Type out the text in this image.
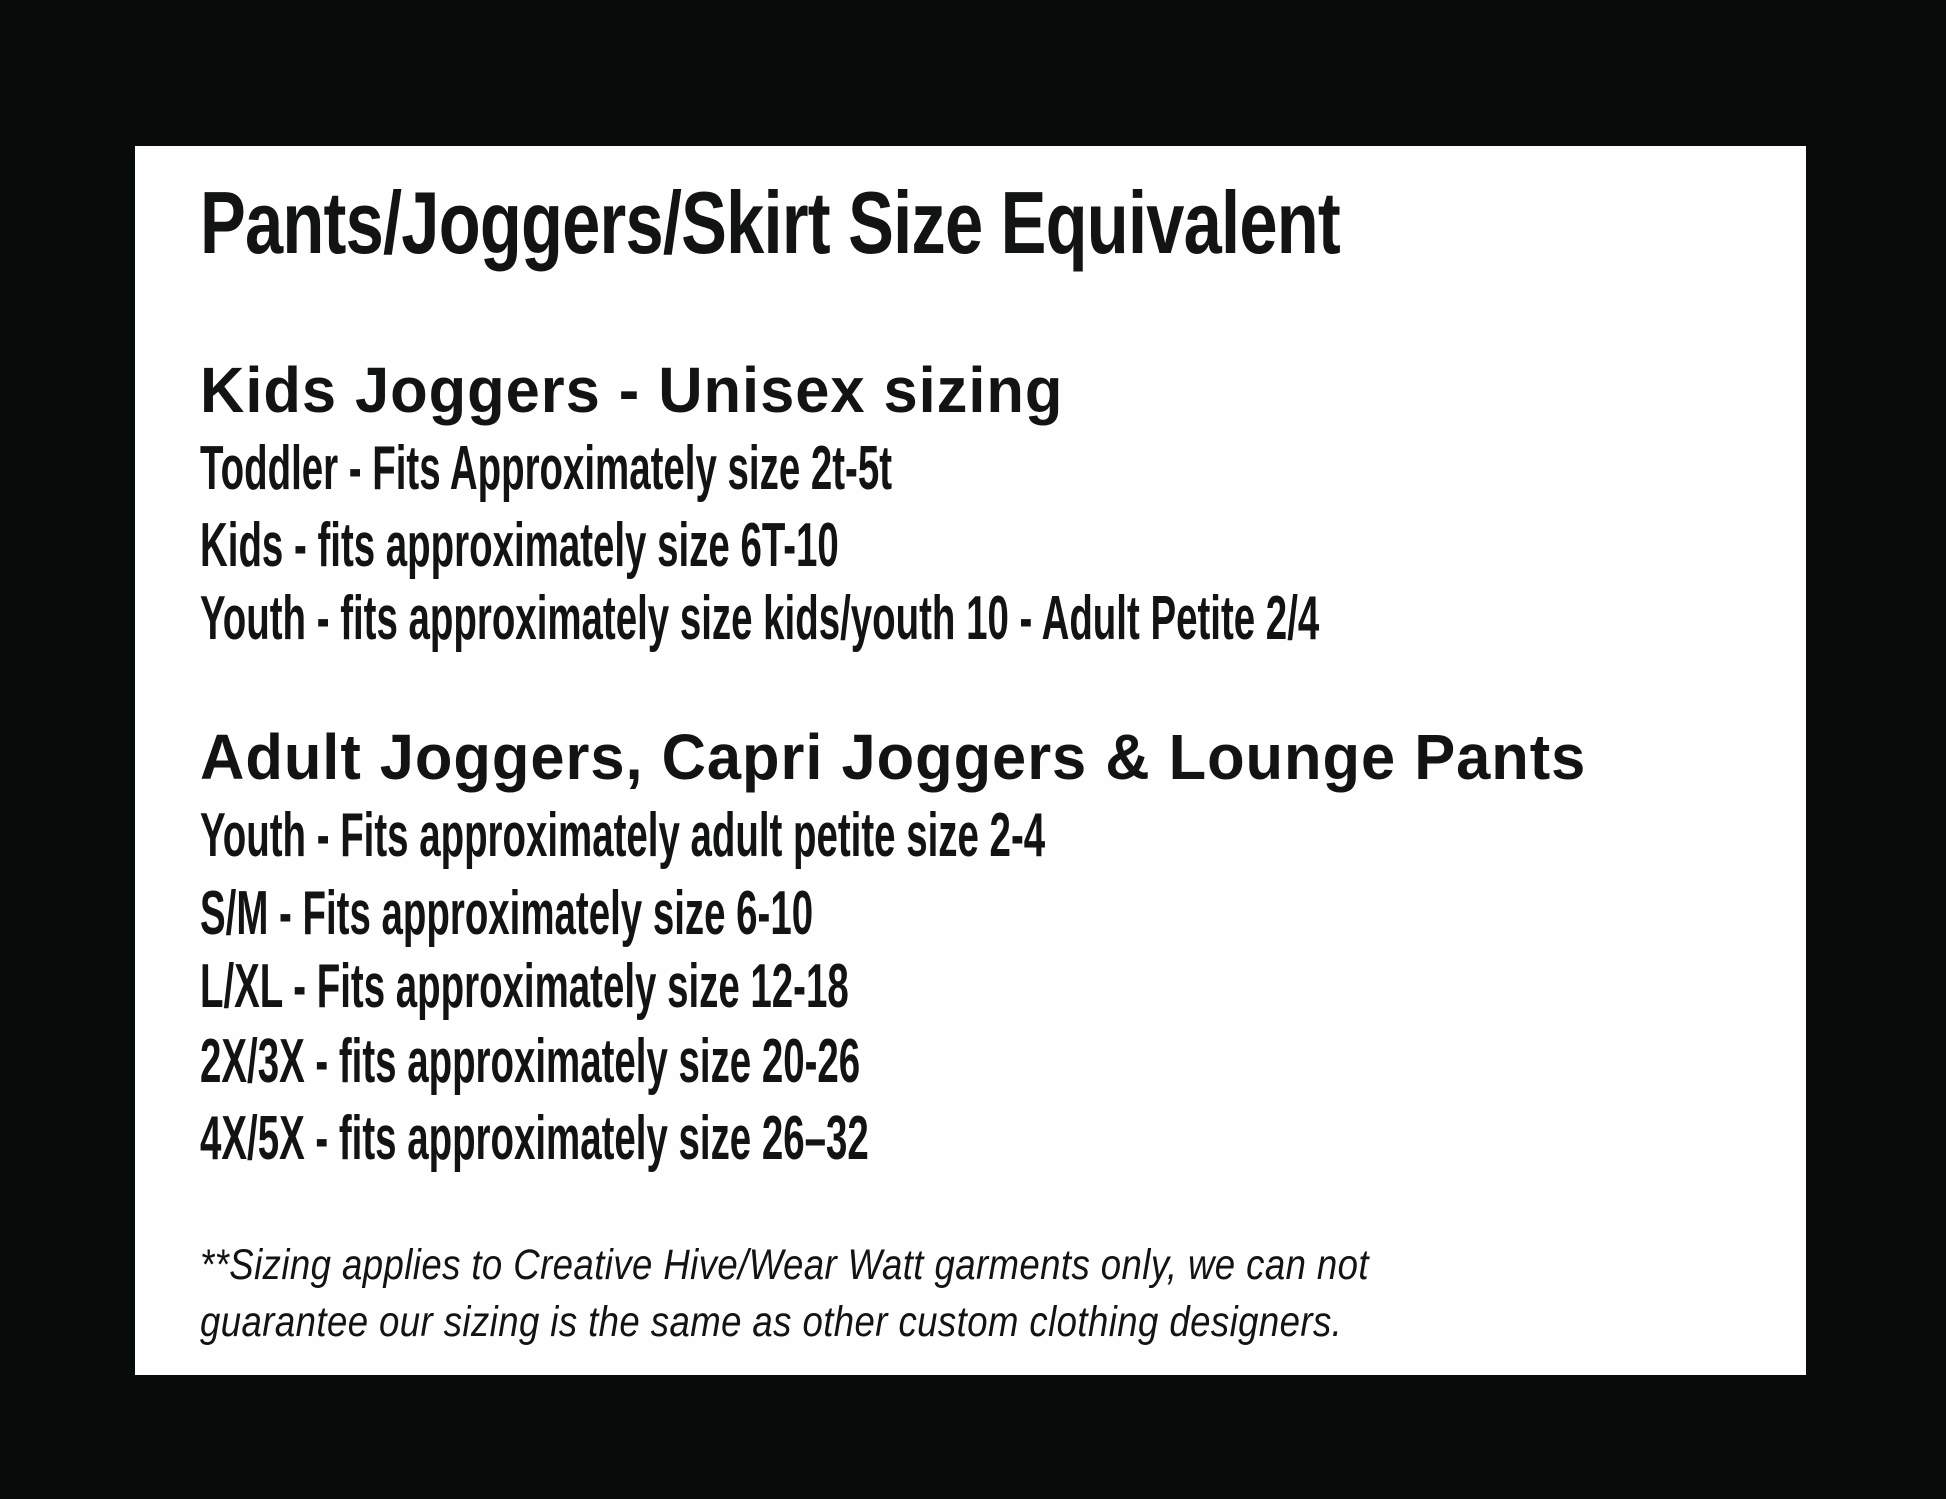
Pants/Joggers/Skirt Size Equivalent
Kids Joggers - Unisex sizing
Toddler - Fits Approximately size 2t-5t
Kids - fits approximately size 6T-10
Youth - fits approximately size kids/youth 10 - Adult Petite 2/4
Adult Joggers, Capri Joggers & Lounge Pants
Youth - Fits approximately adult petite size 2-4
S/M - Fits approximately size 6-10
L/XL - Fits approximately size 12-18
2X/3X - fits approximately size 20-26
4X/5X - fits approximately size 26–32
**Sizing applies to Creative Hive/Wear Watt garments only, we can not
guarantee our sizing is the same as other custom clothing designers.
